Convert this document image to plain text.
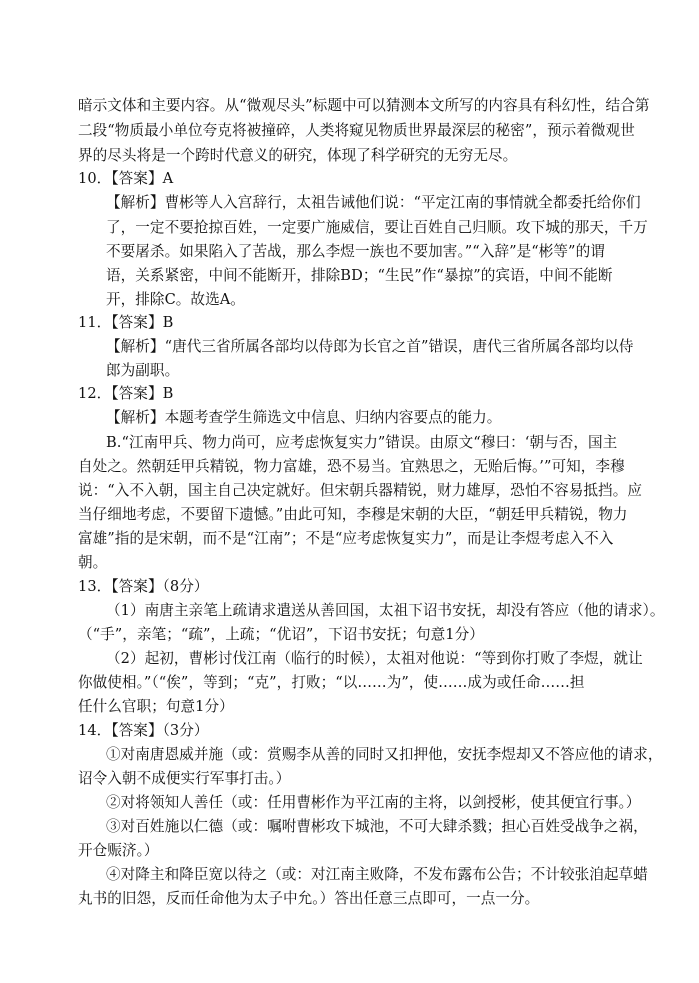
暗示文体和主要内容。从“微观尽头”标题中可以猜测本文所写的内容具有科幻性，结合第

二段“物质最小单位夸克将被撞碎，人类将窥见物质世界最深层的秘密”，预示着微观世

界的尽头将是一个跨时代意义的研究，体现了科学研究的无穷无尽。

10．【答案】A

【解析】曹彬等人入宫辞行，太祖告诫他们说：“平定江南的事情就全都委托给你们

了，一定不要抢掠百姓，一定要广施威信，要让百姓自己归顺。攻下城的那天，千万

不要屠杀。如果陷入了苦战，那么李煜一族也不要加害。”“入辞”是“彬等”的谓

语，关系紧密，中间不能断开，排除BD；“生民”作“暴掠”的宾语，中间不能断

开，排除C。故选A。

11．【答案】B

【解析】“唐代三省所属各部均以侍郎为长官之首”错误，唐代三省所属各部均以侍

郎为副职。

12．【答案】B

【解析】本题考查学生筛选文中信息、归纳内容要点的能力。

B.“江南甲兵、物力尚可，应考虑恢复实力”错误。由原文“穆曰：‘朝与否，国主

自处之。然朝廷甲兵精锐，物力富雄，恐不易当。宜熟思之，无贻后悔。’”可知，李穆

说：“入不入朝，国主自己决定就好。但宋朝兵器精锐，财力雄厚，恐怕不容易抵挡。应

当仔细地考虑，不要留下遗憾。”由此可知，李穆是宋朝的大臣，“朝廷甲兵精锐，物力

富雄”指的是宋朝，而不是“江南”；不是“应考虑恢复实力”，而是让李煜考虑入不入

朝。

13．【答案】（8分）

（1）南唐主亲笔上疏请求遣送从善回国，太祖下诏书安抚，却没有答应（他的请求）。

（“手”，亲笔；“疏”，上疏；“优诏”，下诏书安抚；句意1分）

（2）起初，曹彬讨伐江南（临行的时候），太祖对他说：“等到你打败了李煜，就让

你做使相。”（“俟”，等到；“克”，打败；“以……为”，使……成为或任命……担

任什么官职；句意1分）

14．【答案】（3分）

①对南唐恩威并施（或：赏赐李从善的同时又扣押他，安抚李煜却又不答应他的请求，

诏令入朝不成便实行军事打击。）

②对将领知人善任（或：任用曹彬作为平江南的主将，以剑授彬，使其便宜行事。）

③对百姓施以仁德（或：嘱咐曹彬攻下城池，不可大肆杀戮；担心百姓受战争之祸，

开仓赈济。）

④对降主和降臣宽以待之（或：对江南主败降，不发布露布公告；不计较张洎起草蜡

丸书的旧怨，反而任命他为太子中允。）答出任意三点即可，一点一分。
